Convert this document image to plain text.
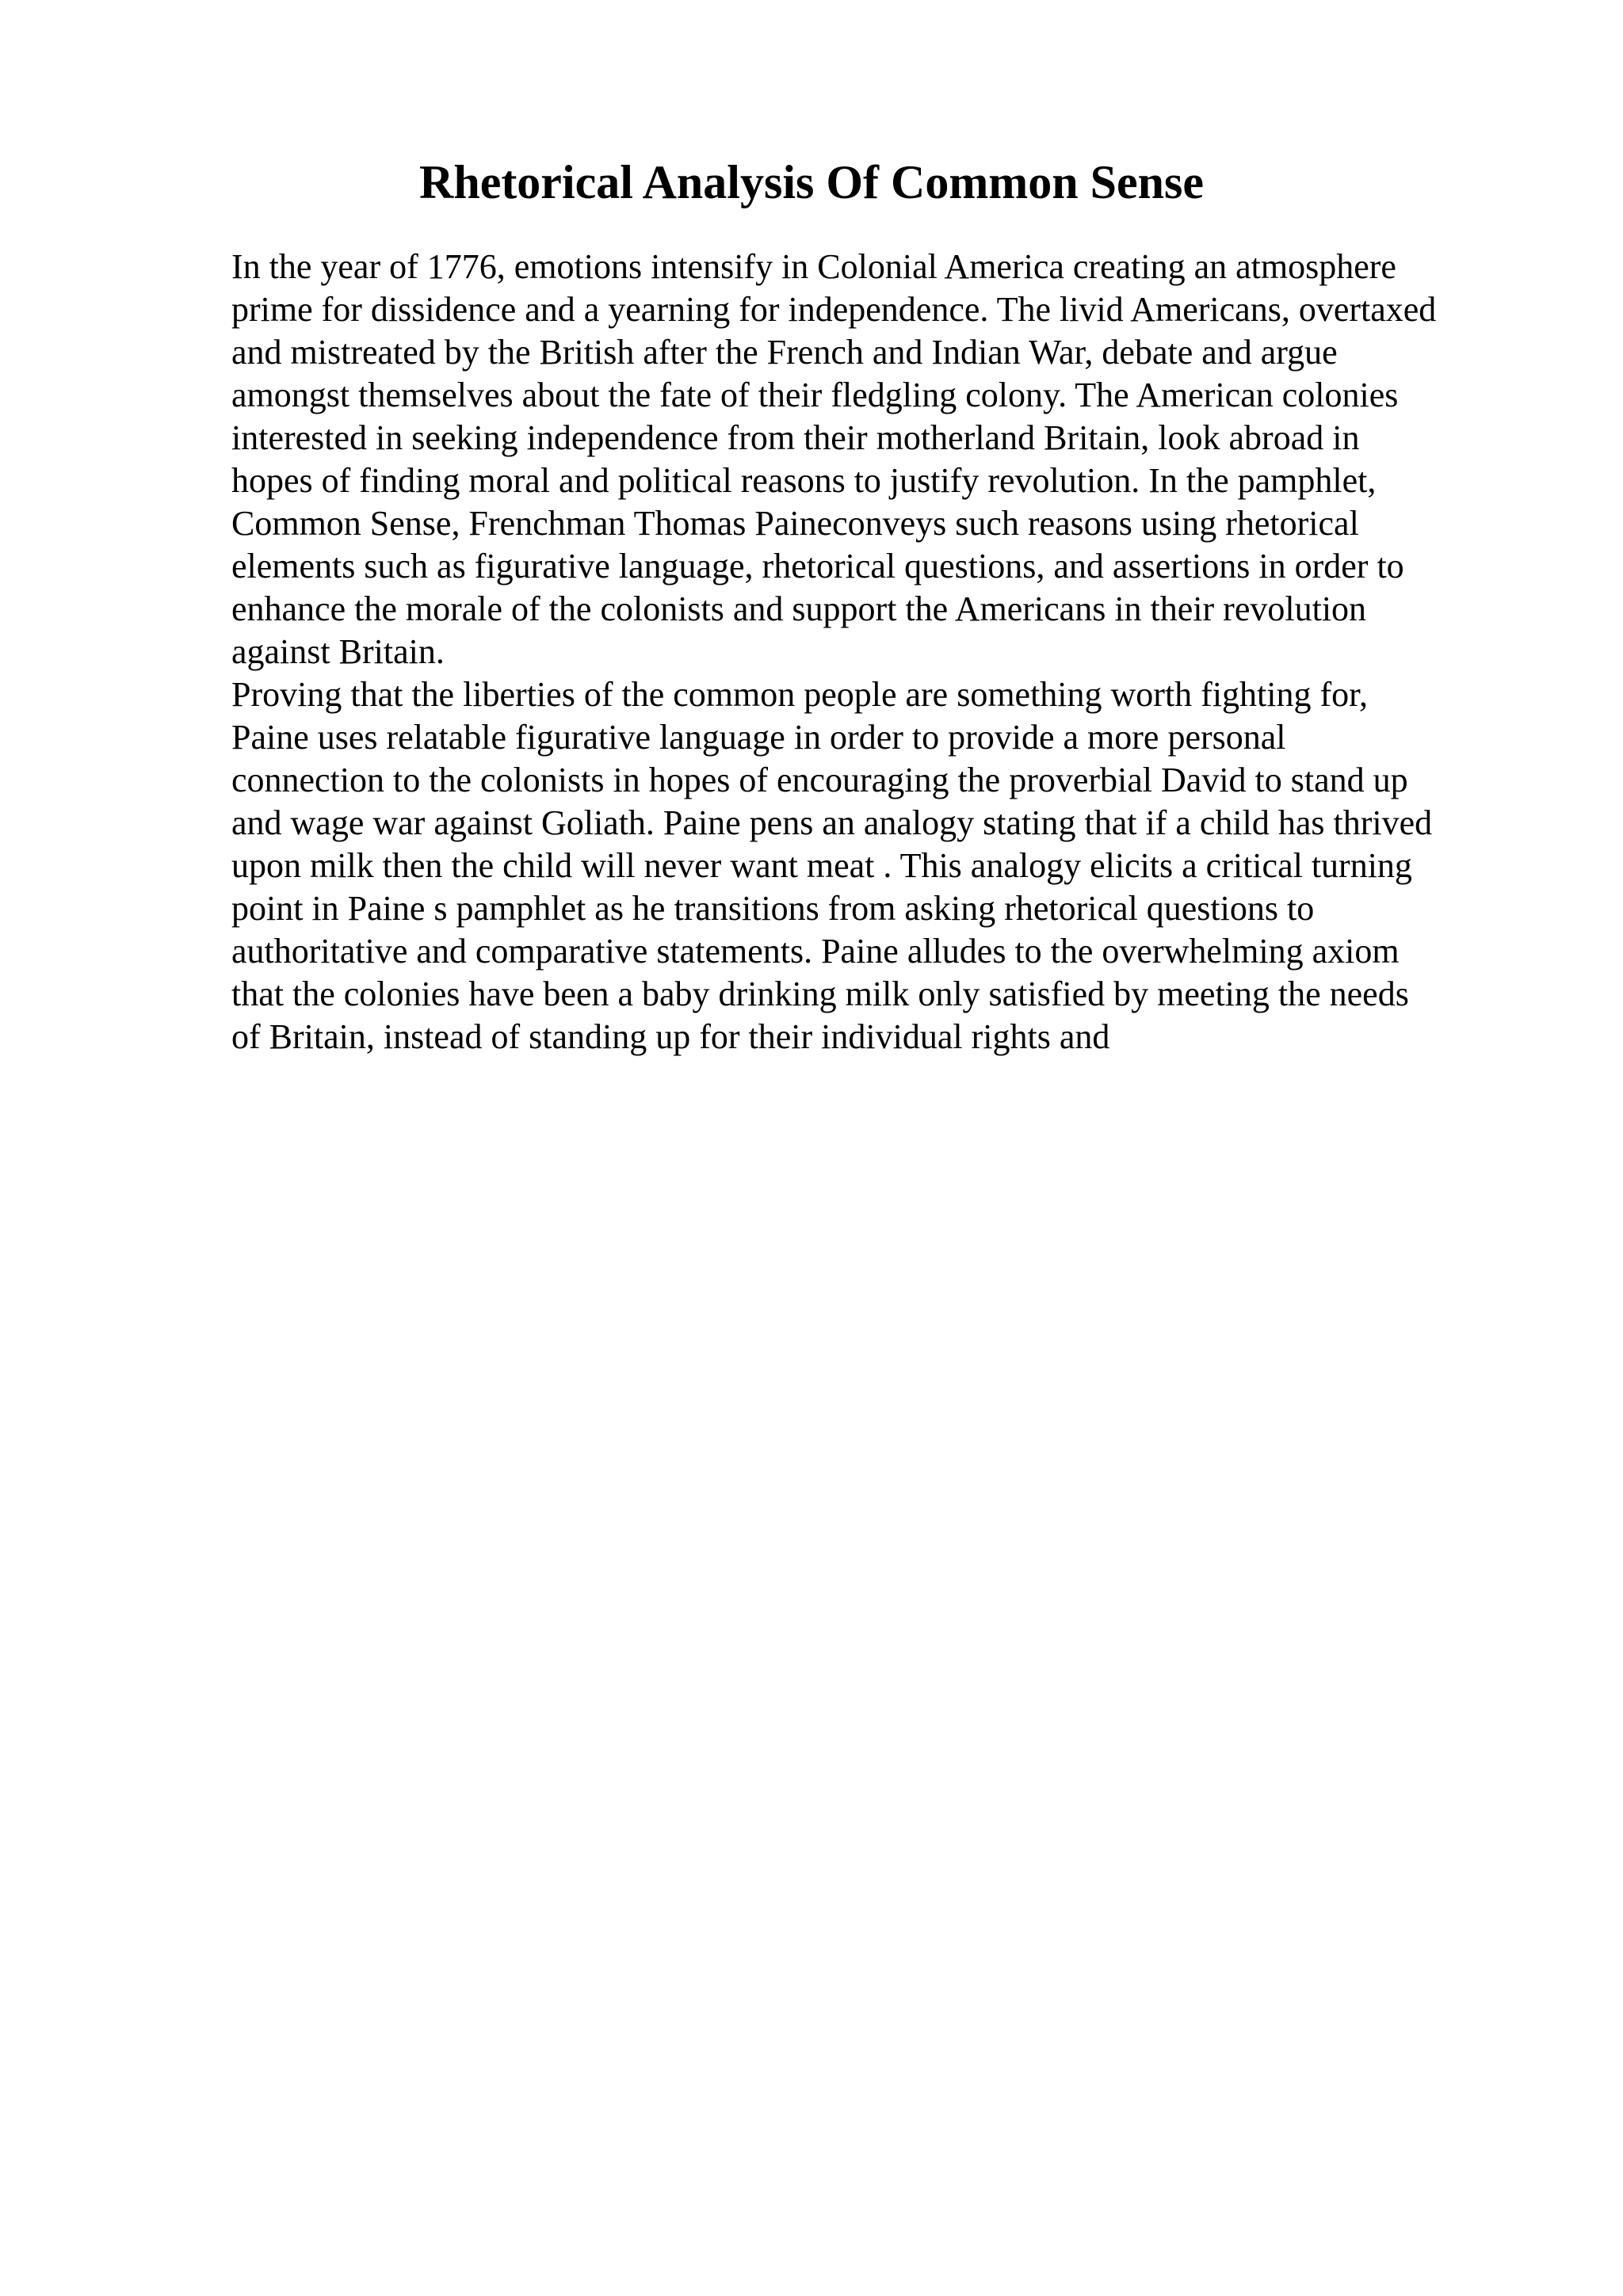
Rhetorical Analysis Of Common Sense
In the year of 1776, emotions intensify in Colonial America creating an atmosphere
prime for dissidence and a yearning for independence. The livid Americans, overtaxed
and mistreated by the British after the French and Indian War, debate and argue
amongst themselves about the fate of their fledgling colony. The American colonies
interested in seeking independence from their motherland Britain, look abroad in
hopes of finding moral and political reasons to justify revolution. In the pamphlet,
Common Sense, Frenchman Thomas Paineconveys such reasons using rhetorical
elements such as figurative language, rhetorical questions, and assertions in order to
enhance the morale of the colonists and support the Americans in their revolution
against Britain.
Proving that the liberties of the common people are something worth fighting for,
Paine uses relatable figurative language in order to provide a more personal
connection to the colonists in hopes of encouraging the proverbial David to stand up
and wage war against Goliath. Paine pens an analogy stating that if a child has thrived
upon milk then the child will never want meat . This analogy elicits a critical turning
point in Paine s pamphlet as he transitions from asking rhetorical questions to
authoritative and comparative statements. Paine alludes to the overwhelming axiom
that the colonies have been a baby drinking milk only satisfied by meeting the needs
of Britain, instead of standing up for their individual rights and
